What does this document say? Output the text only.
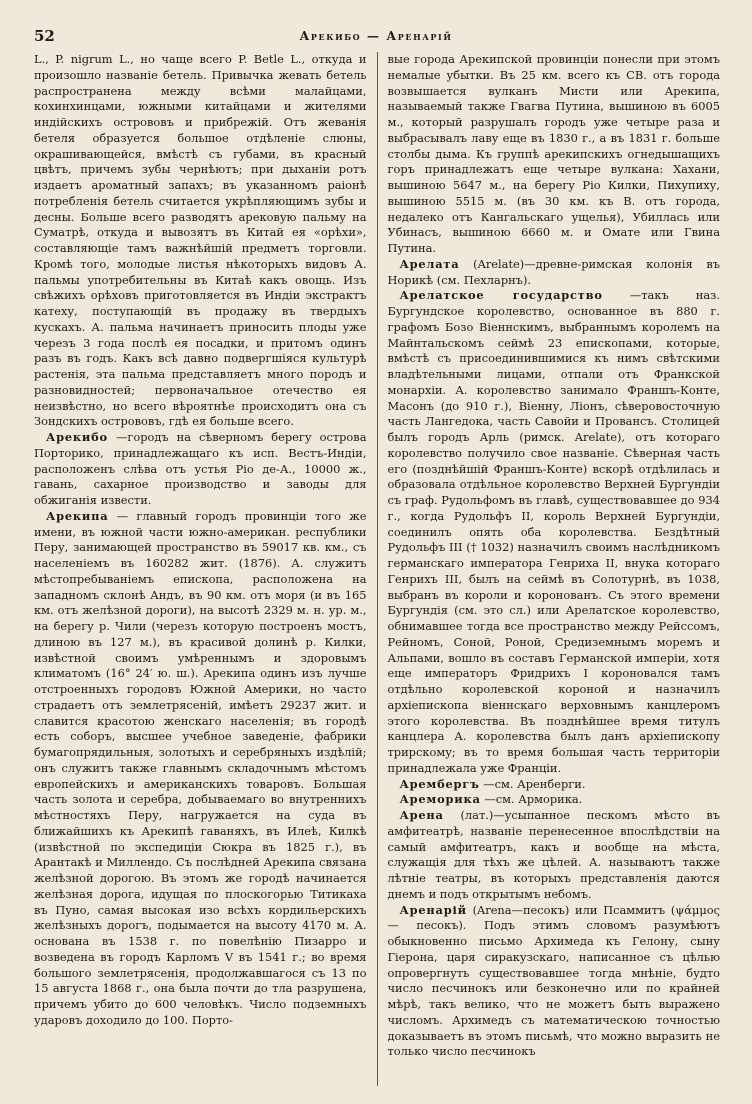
52	Арекибо — Аренарій

L., P. nigrum L., но чаще всего P. Betle L., откуда и произошло названіе бетель. Привычка жевать бетель распространена между всѣми малайцами, кохинхинцами, южными китайцами и жителями индійскихъ острововъ и прибрежій. Отъ жеванія бетеля образуется большое отдѣленіе слюны, окрашивающейся, вмѣстѣ съ губами, въ красный цвѣтъ, причемъ зубы чернѣютъ; при дыханіи ротъ издаетъ ароматный запахъ; въ указанномъ раіонѣ потребленія бетель считается укрѣпляющимъ зубы и десны. Больше всего разводятъ арековую пальму на Суматрѣ, откуда и вывозятъ въ Китай ея «орѣхи», составляющіе тамъ важнѣйшій предметъ торговли. Кромѣ того, молодые листья нѣкоторыхъ видовъ А. пальмы употребительны въ Китаѣ какъ овощь. Изъ свѣжихъ орѣховъ приготовляется въ Индіи экстрактъ катеху, поступающій въ продажу въ твердыхъ кускахъ. А. пальма начинаетъ приносить плоды уже черезъ 3 года послѣ ея посадки, и притомъ одинъ разъ въ годъ. Какъ всѣ давно подвергшіяся культурѣ растенія, эта пальма представляетъ много породъ и разновидностей; первоначальное отечество ея неизвѣстно, но всего вѣроятнѣе происходитъ она съ Зондскихъ острововъ, гдѣ ея больше всего.

Арекибо —городъ на сѣверномъ берегу острова Порторико, принадлежащаго къ исп. Вестъ-Индіи, расположенъ слѣва отъ устья Ріо де-А., 10000 ж., гавань, сахарное производство и заводы для обжиганія извести.

Арекипа — главный городъ провинціи того же имени, въ южной части южно-американ. республики Перу, занимающей пространство въ 59017 кв. км., съ населеніемъ въ 160282 жит. (1876). А. служитъ мѣстопребываніемъ епископа, расположена на западномъ склонѣ Андъ, въ 90 км. отъ моря (и въ 165 км. отъ желѣзной дороги), на высотѣ 2329 м. н. ур. м., на берегу р. Чили (черезъ которую построенъ мостъ, длиною въ 127 м.), въ красивой долинѣ р. Килки, извѣстной своимъ умѣреннымъ и здоровымъ климатомъ (16° 24′ ю. ш.). Арекипа одинъ изъ лучше отстроенныхъ городовъ Южной Америки, но часто страдаетъ отъ землетрясеній, имѣетъ 29237 жит. и славится красотою женскаго населенія; въ городѣ есть соборъ, высшее учебное заведеніе, фабрики бумагопрядильныя, золотыхъ и серебряныхъ издѣлій; онъ служитъ также главнымъ складочнымъ мѣстомъ европейскихъ и американскихъ товаровъ. Большая часть золота и серебра, добываемаго во внутреннихъ мѣстностяхъ Перу, нагружается на суда въ ближайшихъ къ Арекипѣ гаваняхъ, въ Илеѣ, Килкѣ (извѣстной по экспедиціи Сюкра въ 1825 г.), въ Арантакѣ и Миллендо. Съ послѣдней Арекипа связана желѣзной дорогою. Въ этомъ же городѣ начинается желѣзная дорога, идущая по плоскогорью Титикаха въ Пуно, самая высокая изо всѣхъ кордильерскихъ желѣзныхъ дорогъ, подымается на высоту 4170 м. А. основана въ 1538 г. по повелѣнію Пизарро и возведена въ городъ Карломъ V въ 1541 г.; во время большого землетрясенія, продолжавшагося съ 13 по 15 августа 1868 г., она была почти до тла разрушена, причемъ убито до 600 человѣкъ. Число подземныхъ ударовъ доходило до 100. Порто-

вые города Арекипской провинціи понесли при этомъ немалые убытки. Въ 25 км. всего къ СВ. отъ города возвышается вулканъ Мисти или Арекипа, называемый также Гвагва Путина, вышиною въ 6005 м., который разрушалъ городъ уже четыре раза и выбрасывалъ лаву еще въ 1830 г., а въ 1831 г. больше столбы дыма. Къ группѣ арекипскихъ огнедышащихъ горъ принадлежатъ еще четыре вулкана: Хахани, вышиною 5647 м., на берегу Ріо Килки, Пихупиху, вышиною 5515 м. (въ 30 км. къ В. отъ города, недалеко отъ Кангальскаго ущелья), Убиллась или Убинасъ, вышиною 6660 м. и Омате или Гвина Путина.

Арелата (Arelate)—древне-римская колонія въ Норикѣ (см. Пехларнъ).

Арелатское государство —такъ наз. Бургундское королевство, основанное въ 880 г. графомъ Бозо Віеннскимъ, выбраннымъ королемъ на Майнтальскомъ сеймѣ 23 епископами, которые, вмѣстѣ съ присоединившимися къ нимъ свѣтскими владѣтельными лицами, отпали отъ Франкской монархіи. А. королевство занимало Франшъ-Конте, Масонъ (до 910 г.), Віенну, Ліонъ, сѣверовосточную часть Лангедока, часть Савойи и Провансъ. Столицей былъ городъ Арль (римск. Arelate), отъ котораго королевство получило свое названіе. Сѣверная часть его (позднѣйшій Франшъ-Конте) вскорѣ отдѣлилась и образовала отдѣльное королевство Верхней Бургундіи съ граф. Рудольфомъ въ главѣ, существовавшее до 934 г., когда Рудольфъ II, король Верхней Бургундіи, соединилъ опять оба королевства. Бездѣтный Рудольфъ III († 1032) назначилъ своимъ наслѣдникомъ германскаго императора Генриха II, внука котораго Генрихъ III, былъ на сеймѣ въ Солотурнѣ, въ 1038, выбранъ въ короли и коронованъ. Съ этого времени Бургундія (см. это сл.) или Арелатское королевство, обнимавшее тогда все пространство между Рейссомъ, Рейномъ, Соной, Роной, Средиземнымъ моремъ и Альпами, вошло въ составъ Германской имперіи, хотя еще императоръ Фридрихъ I короновался тамъ отдѣльно королевской короной и назначилъ архіепископа віеннскаго верховнымъ канцлеромъ этого королевства. Въ позднѣйшее время титулъ канцлера А. королевства былъ данъ архіепископу трирскому; въ то время большая часть территоріи принадлежала уже Франціи.

Арембергъ —см. Аренберги.

Ареморика —см. Арморика.

Арена (лат.)—усыпанное пескомъ мѣсто въ амфитеатрѣ, названіе перенесенное впослѣдствіи на самый амфитеатръ, какъ и вообще на мѣста, служащія для тѣхъ же цѣлей. А. называютъ также лѣтніе театры, въ которыхъ представленія даются днемъ и подъ открытымъ небомъ.

Аренарій (Arena—песокъ) или Псаммитъ (ψάμμος — песокъ). Подъ этимъ словомъ разумѣютъ обыкновенно письмо Архимеда къ Гелону, сыну Гіерона, царя сиракузскаго, написанное съ цѣлью опровергнуть существовавшее тогда мнѣніе, будто число песчинокъ или безконечно или по крайней мѣрѣ, такъ велико, что не можетъ быть выражено числомъ. Архимедъ съ математическою точностью доказываетъ въ этомъ письмѣ, что можно выразить не только число песчинокъ
